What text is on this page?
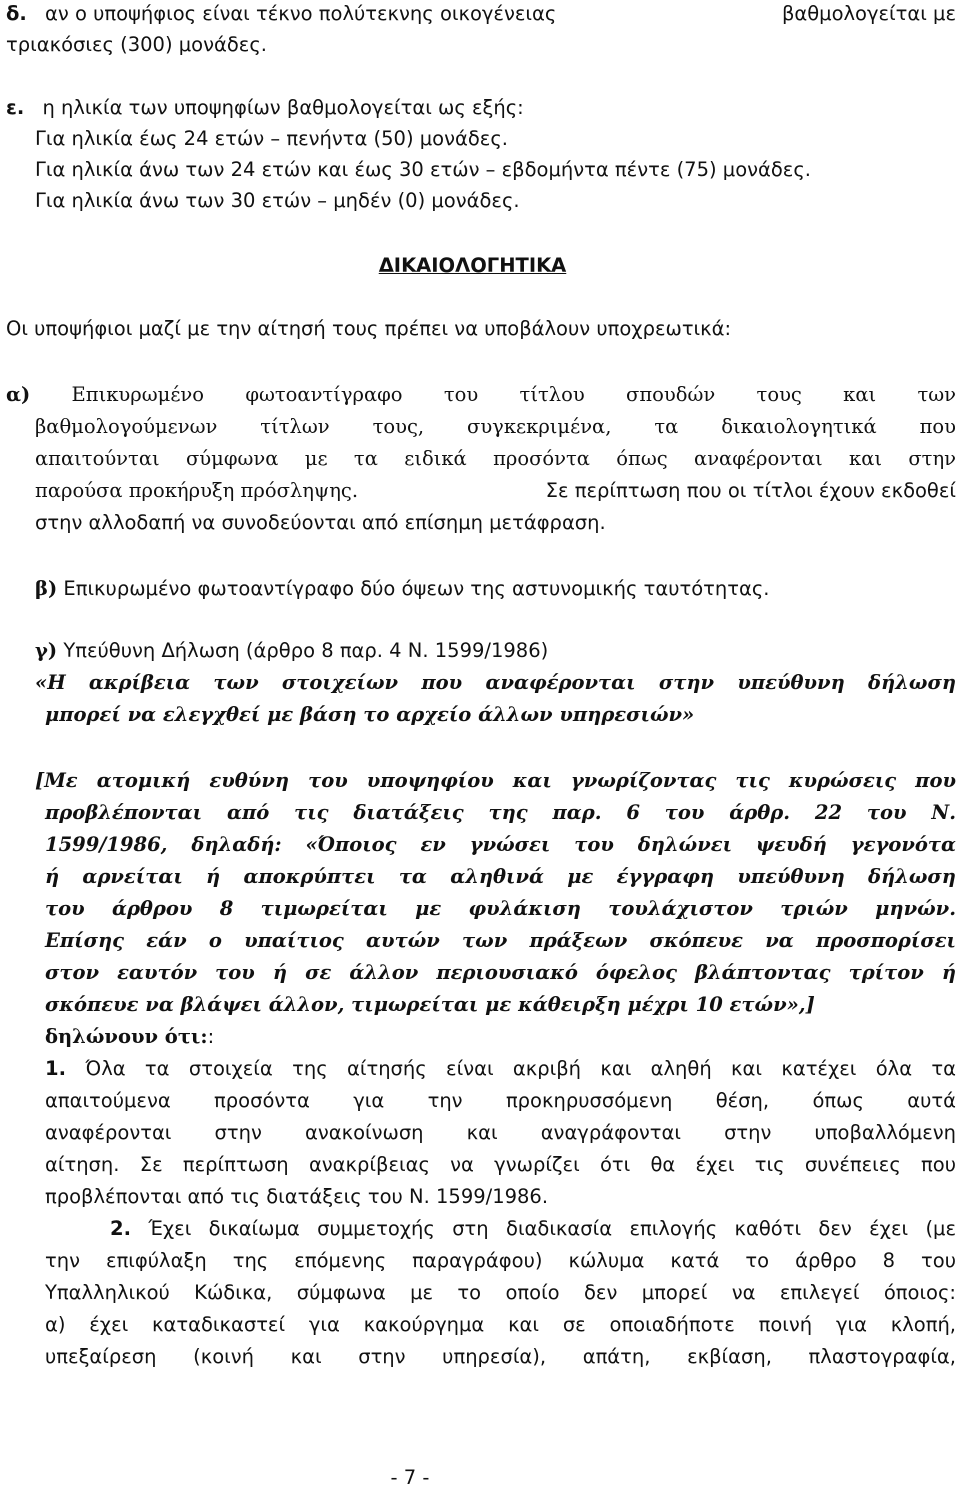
δ. αν ο υποψήφιος είναι τέκνο πολύτεκνης οικογένειας	βαθμολογείται με
τριακόσιες (300) μονάδες.
ε. η ηλικία των υποψηφίων βαθμολογείται ως εξής:
Για ηλικία έως 24 ετών – πενήντα (50) μονάδες.
Για ηλικία άνω των 24 ετών και έως 30 ετών – εβδομήντα πέντε (75) μονάδες.
Για ηλικία άνω των 30 ετών – μηδέν (0) μονάδες.
ΔΙΚΑΙΟΛΟΓΗΤΙΚΑ
Οι υποψήφιοι μαζί με την αίτησή τους πρέπει να υποβάλουν υποχρεωτικά:
α) Επικυρωμένο φωτοαντίγραφο του τίτλου σπουδών τους και των
βαθμολογούμενων τίτλων τους, συγκεκριμένα, τα δικαιολογητικά που
απαιτούνται σύμφωνα με τα ειδικά προσόντα όπως αναφέρονται και στην
παρούσα προκήρυξη πρόσληψης.	Σε περίπτωση που οι τίτλοι έχουν εκδοθεί
στην αλλοδαπή να συνοδεύονται από επίσημη μετάφραση.
β) Επικυρωμένο φωτοαντίγραφο δύο όψεων της αστυνομικής ταυτότητας.
γ) Υπεύθυνη Δήλωση (άρθρο 8 παρ. 4 Ν. 1599/1986)
«Η ακρίβεια των στοιχείων που αναφέρονται στην υπεύθυνη δήλωση
μπορεί να ελεγχθεί με βάση το αρχείο άλλων υπηρεσιών»
[Με ατομική ευθύνη του υποψηφίου και γνωρίζοντας τις κυρώσεις που
προβλέπονται από τις διατάξεις της παρ. 6 του άρθρ. 22 του Ν.
1599/1986, δηλαδή: «Όποιος εν γνώσει του δηλώνει ψευδή γεγονότα
ή αρνείται ή αποκρύπτει τα αληθινά με έγγραφη υπεύθυνη δήλωση
του άρθρου 8 τιμωρείται με φυλάκιση τουλάχιστον τριών μηνών.
Επίσης εάν ο υπαίτιος αυτών των πράξεων σκόπευε να προσπορίσει
στον εαυτόν του ή σε άλλον περιουσιακό όφελος βλάπτοντας τρίτον ή
σκόπευε να βλάψει άλλον, τιμωρείται με κάθειρξη μέχρι 10 ετών»,]
δηλώνουν ότι::
1. Όλα τα στοιχεία της αίτησής είναι ακριβή και αληθή και κατέχει όλα τα
απαιτούμενα προσόντα για την προκηρυσσόμενη θέση, όπως αυτά
αναφέρονται στην ανακοίνωση και αναγράφονται στην υποβαλλόμενη
αίτηση. Σε περίπτωση ανακρίβειας να γνωρίζει ότι θα έχει τις συνέπειες που
προβλέπονται από τις διατάξεις του Ν. 1599/1986.
2. Έχει δικαίωμα συμμετοχής στη διαδικασία επιλογής καθότι δεν έχει (με
την επιφύλαξη της επόμενης παραγράφου) κώλυμα κατά το άρθρο 8 του
Υπαλληλικού Κώδικα, σύμφωνα με το οποίο δεν μπορεί να επιλεγεί όποιος:
α) έχει καταδικαστεί για κακούργημα και σε οποιαδήποτε ποινή για κλοπή,
υπεξαίρεση (κοινή και στην υπηρεσία), απάτη, εκβίαση, πλαστογραφία,
- 7 -
